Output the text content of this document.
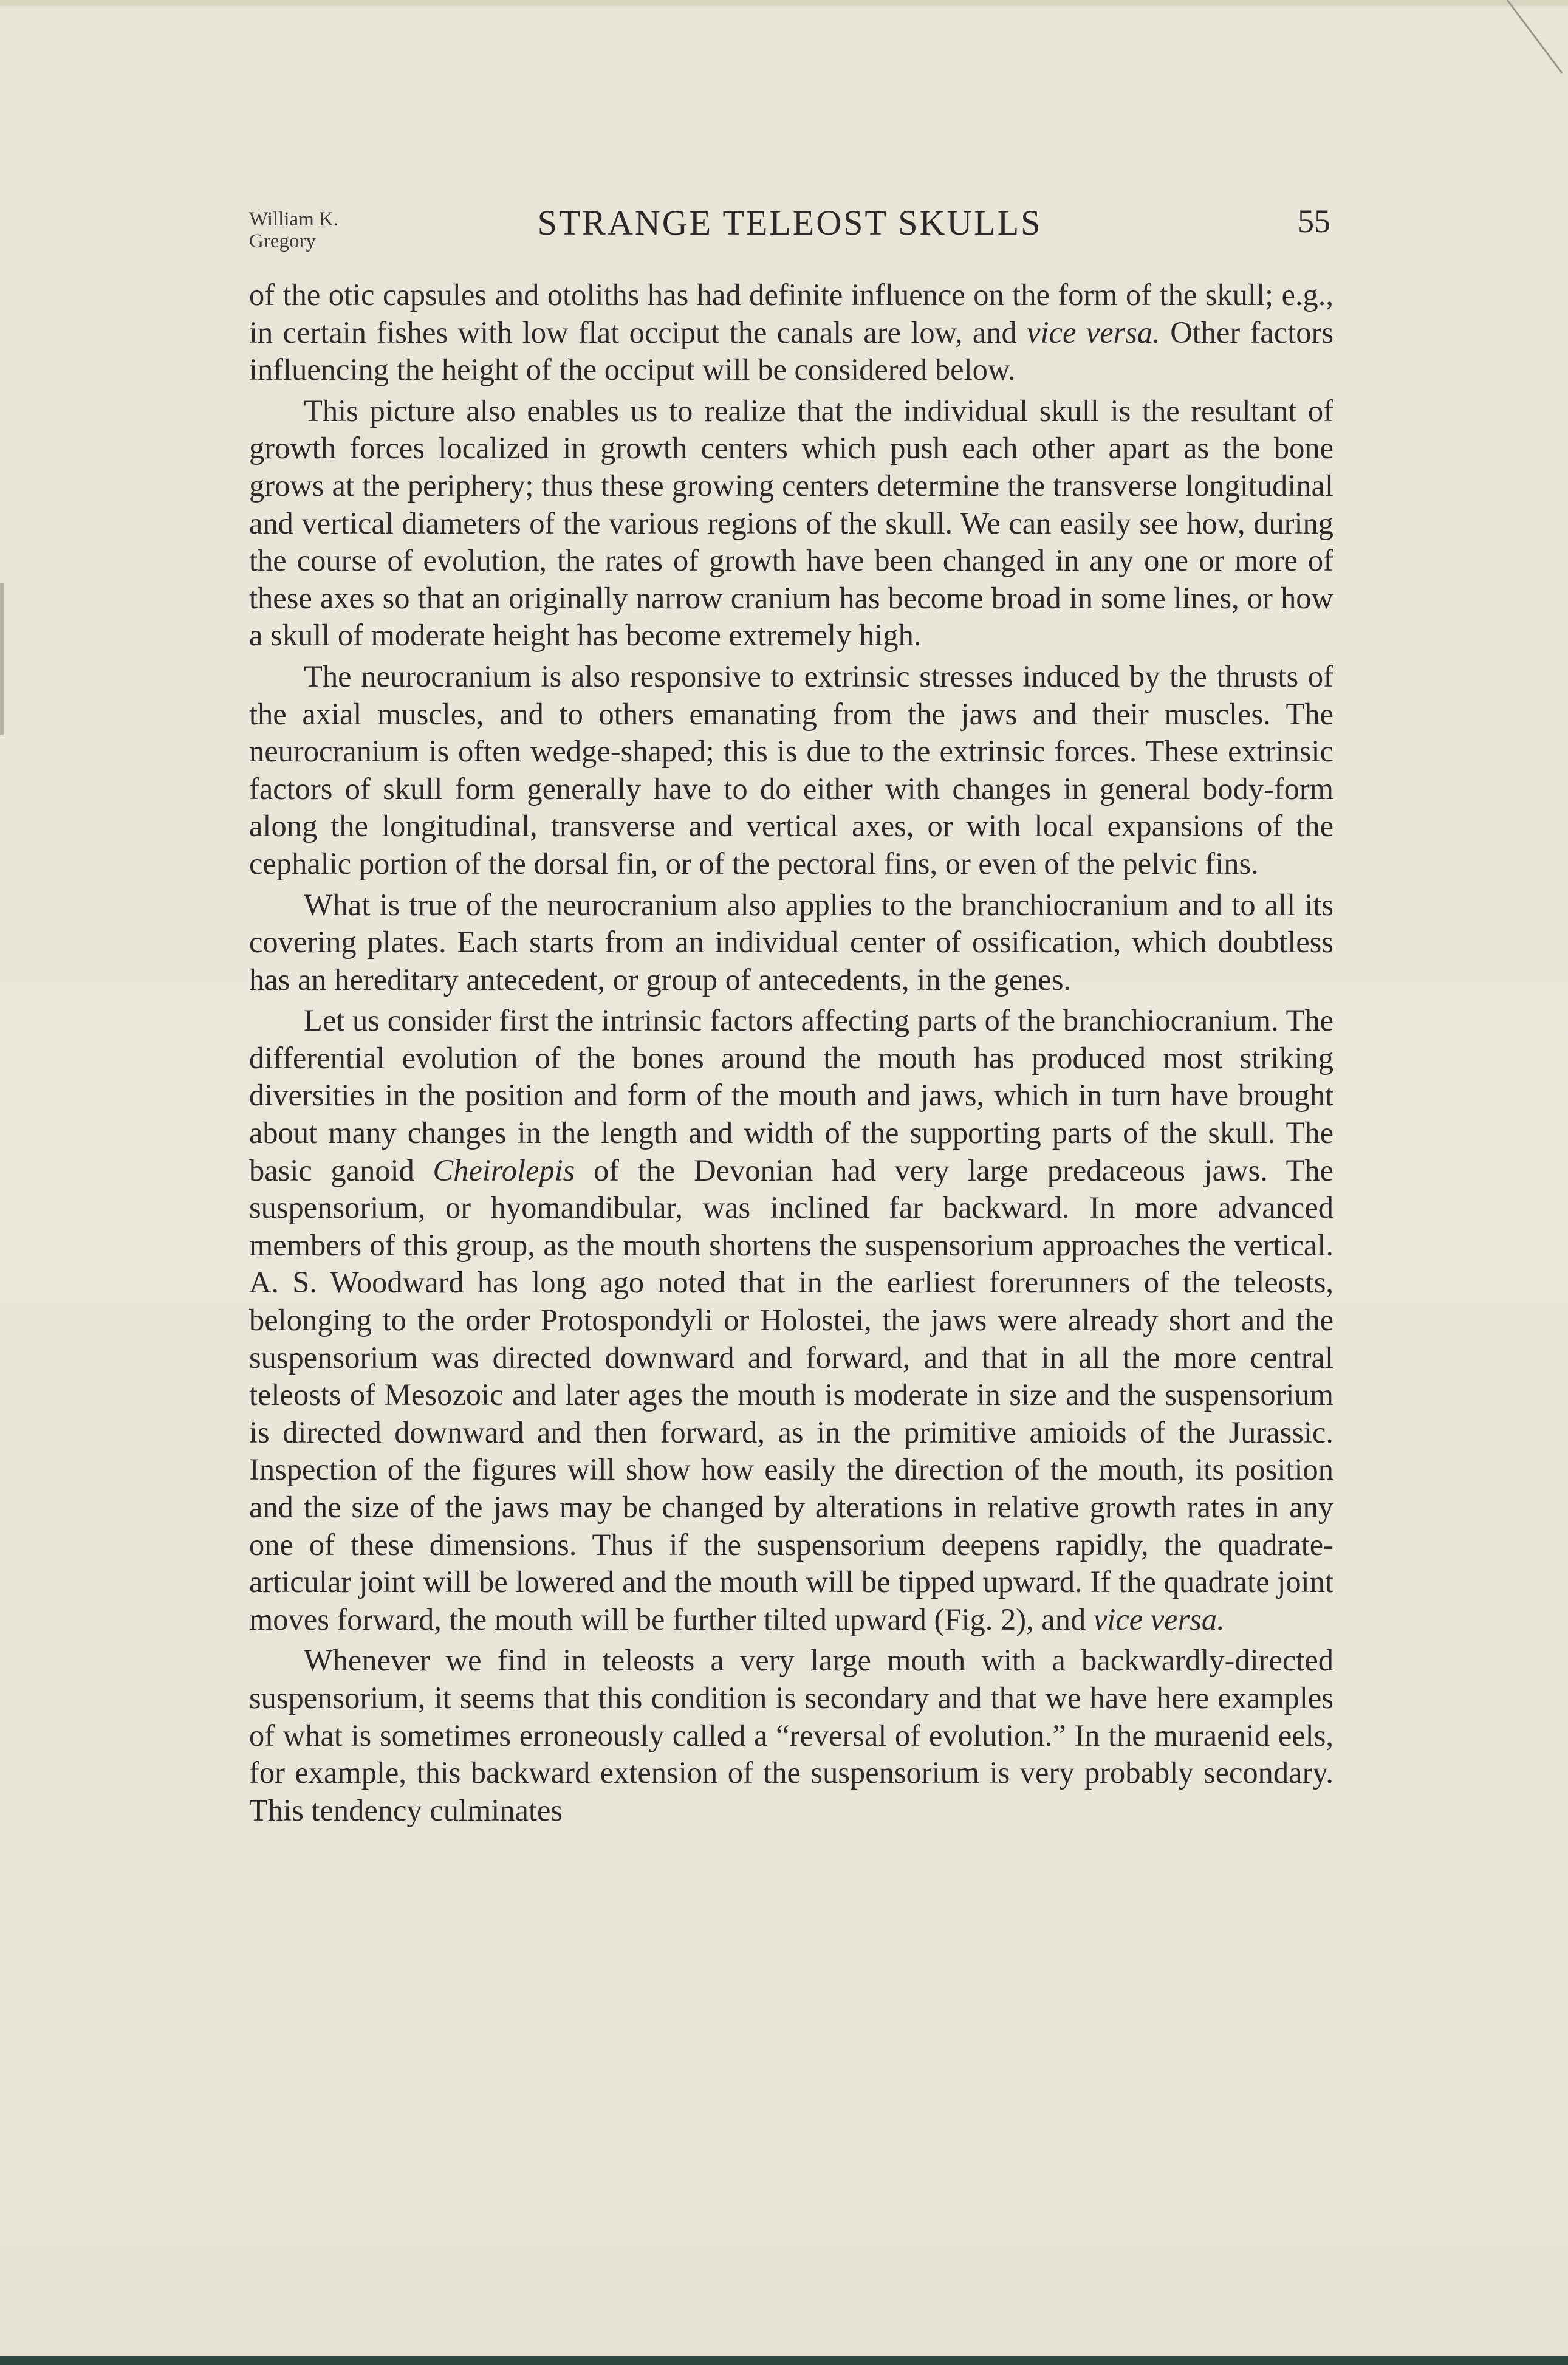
William K.
Gregory	STRANGE TELEOST SKULLS	55

of the otic capsules and otoliths has had definite influence on the form of the skull; e.g., in certain fishes with low flat occiput the canals are low, and vice versa. Other factors influencing the height of the occiput will be considered below.

This picture also enables us to realize that the individual skull is the resultant of growth forces localized in growth centers which push each other apart as the bone grows at the periphery; thus these growing centers determine the transverse longitudinal and vertical diameters of the various regions of the skull. We can easily see how, during the course of evolution, the rates of growth have been changed in any one or more of these axes so that an originally narrow cranium has become broad in some lines, or how a skull of moderate height has become extremely high.

The neurocranium is also responsive to extrinsic stresses induced by the thrusts of the axial muscles, and to others emanating from the jaws and their muscles. The neurocranium is often wedge-shaped; this is due to the extrinsic forces. These extrinsic factors of skull form generally have to do either with changes in general body-form along the longitudinal, transverse and vertical axes, or with local expansions of the cephalic portion of the dorsal fin, or of the pectoral fins, or even of the pelvic fins.

What is true of the neurocranium also applies to the branchiocranium and to all its covering plates. Each starts from an individual center of ossification, which doubtless has an hereditary antecedent, or group of antecedents, in the genes.

Let us consider first the intrinsic factors affecting parts of the branchiocranium. The differential evolution of the bones around the mouth has produced most striking diversities in the position and form of the mouth and jaws, which in turn have brought about many changes in the length and width of the supporting parts of the skull. The basic ganoid Cheirolepis of the Devonian had very large predaceous jaws. The suspensorium, or hyomandibular, was inclined far backward. In more advanced members of this group, as the mouth shortens the suspensorium approaches the vertical. A. S. Woodward has long ago noted that in the earliest forerunners of the teleosts, belonging to the order Protospondyli or Holostei, the jaws were already short and the suspensorium was directed downward and forward, and that in all the more central teleosts of Mesozoic and later ages the mouth is moderate in size and the suspensorium is directed downward and then forward, as in the primitive amioids of the Jurassic. Inspection of the figures will show how easily the direction of the mouth, its position and the size of the jaws may be changed by alterations in relative growth rates in any one of these dimensions. Thus if the suspensorium deepens rapidly, the quadrate-articular joint will be lowered and the mouth will be tipped upward. If the quadrate joint moves forward, the mouth will be further tilted upward (Fig. 2), and vice versa.

Whenever we find in teleosts a very large mouth with a backwardly-directed suspensorium, it seems that this condition is secondary and that we have here examples of what is sometimes erroneously called a “reversal of evolution.” In the muraenid eels, for example, this backward extension of the suspensorium is very probably secondary. This tendency culminates
